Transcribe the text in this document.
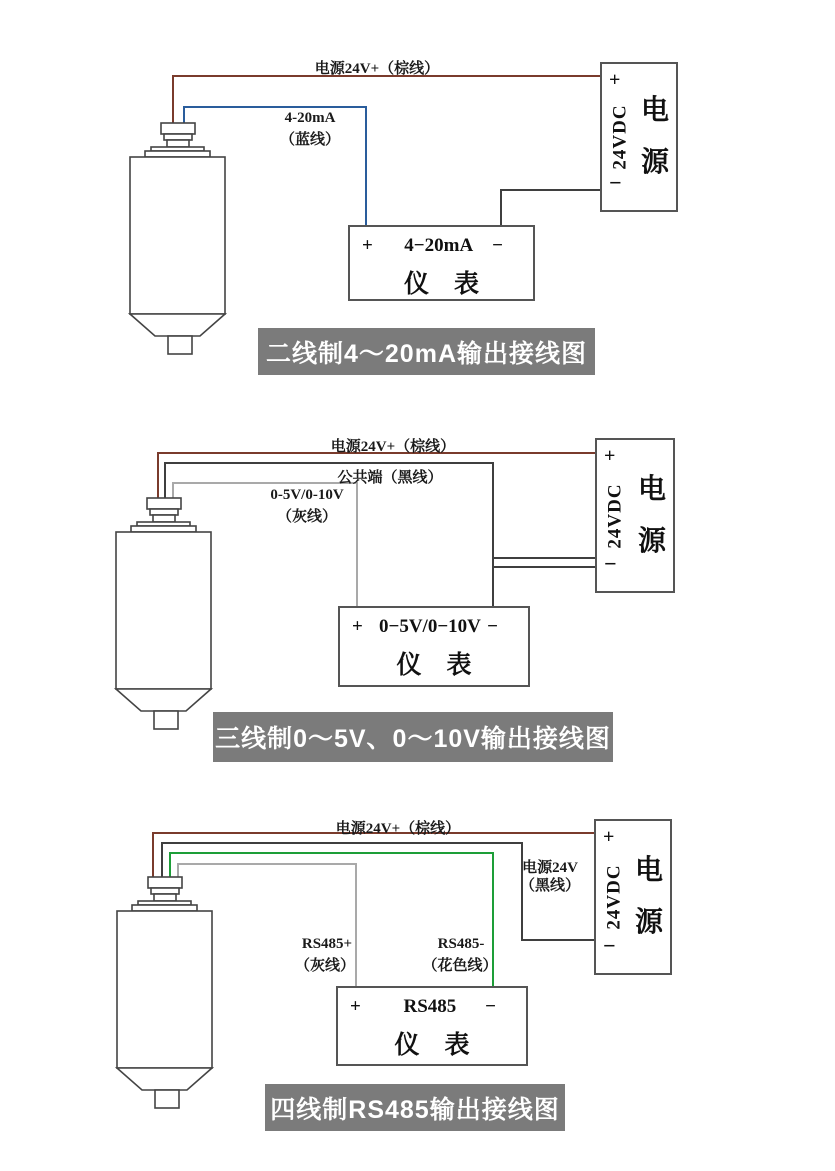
+
24VDC
−
电源
+ 4−20mA −
仪　表
电源24V+（棕线）
4-20mA
（蓝线）
二线制4～20mA输出接线图
+
24VDC
−
电源
+ 0−5V/0−10V −
仪　表
电源24V+（棕线）
公共端（黑线）
0-5V/0-10V
（灰线）
三线制0～5V、0～10V输出接线图
+
24VDC
−
电源
+ RS485 −
仪　表
电源24V+（棕线）
电源24V
（黑线）
RS485+
（灰线）
RS485-
（花色线）
四线制RS485输出接线图
